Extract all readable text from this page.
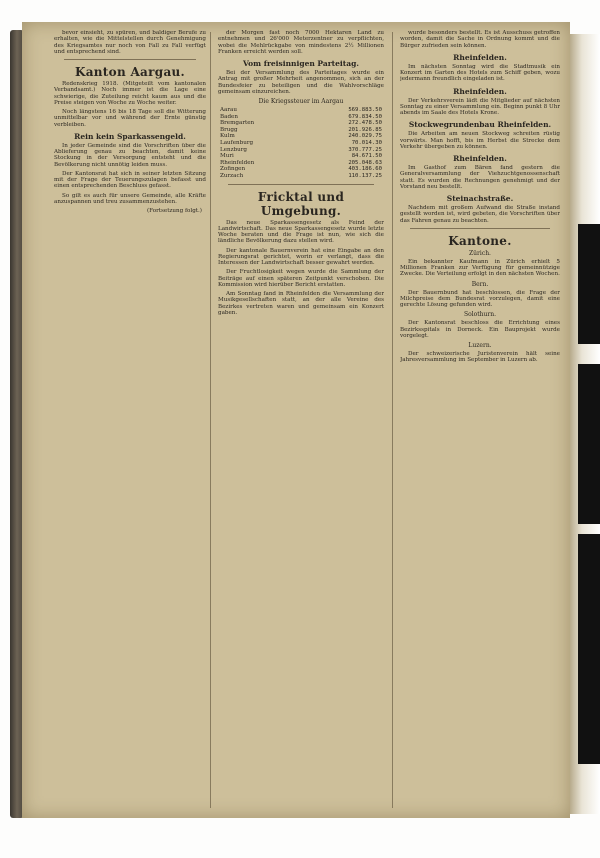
bevor einsieht, zu spüren, und baldiger Berufe zu erhalten, wie die Mittelstellen durch Genehmigung des Kriegsamtes nur noch von Fall zu Fall verfügt und entsprechend sind.

Kanton Aargau.

Redenskrieg 1918. (Mitgeteilt vom kantonalen Verbandsamt.) Noch immer ist die Lage eine schwierige, die Zuteilung reicht kaum aus und die Preise steigen von Woche zu Woche weiter.

Noch längstens 16 bis 18 Tage soll die Witterung unmittelbar vor und während der Ernte günstig verbleiben.

Rein kein Sparkassengeld.

In jeder Gemeinde sind die Vorschriften über die Ablieferung genau zu beachten, damit keine Stockung in der Versorgung entsteht und die Bevölkerung nicht unnötig leiden muss.

Der Kantonsrat hat sich in seiner letzten Sitzung mit der Frage der Teuerungszulagen befasst und einen entsprechenden Beschluss gefasst.

So gilt es auch für unsere Gemeinde, alle Kräfte anzuspannen und treu zusammenzustehen.

(Fortsetzung folgt.)

der Morgen fast noch 7000 Hektaren Land zu entnehmen und 26'000 Meterzentner zu verpflichten, wobei die Mehlrückgabe von mindestens 2½ Millionen Franken erreicht werden soll.

Vom freisinnigen Parteitag.

Bei der Versammlung des Parteitages wurde ein Antrag mit großer Mehrheit angenommen, sich an der Bundesfeier zu beteiligen und die Wahlvorschläge gemeinsam einzureichen.

Die Kriegssteuer im Aargau
Aarau	569.883.50
Baden	679.834.50
Bremgarten	272.478.50
Brugg	201.926.85
Kulm	240.029.75
Laufenburg	70.014.30
Lenzburg	370.777.25
Muri	84.671.50
Rheinfelden	205.048.63
Zofingen	403.186.60
Zurzach	110.137.25
Fricktal und Umgebung.

Das neue Sparkassengesetz als Feind der Landwirtschaft. Das neue Sparkassengesetz wurde letzte Woche beraten und die Frage ist nun, wie sich die ländliche Bevölkerung dazu stellen wird.

Der kantonale Bauernverein hat eine Eingabe an den Regierungsrat gerichtet, worin er verlangt, dass die Interessen der Landwirtschaft besser gewahrt werden.

Der Fruchtlosigkeit wegen wurde die Sammlung der Beiträge auf einen späteren Zeitpunkt verschoben. Die Kommission wird hierüber Bericht erstatten.

Am Sonntag fand in Rheinfelden die Versammlung der Musikgesellschaften statt, an der alle Vereine des Bezirkes vertreten waren und gemeinsam ein Konzert gaben.

wurde besonders bestellt. Es ist Ausschuss getroffen worden, damit die Sache in Ordnung kommt und die Bürger zufrieden sein können.

Rheinfelden.

Im nächsten Sonntag wird die Stadtmusik ein Konzert im Garten des Hotels zum Schiff geben, wozu jedermann freundlich eingeladen ist.

Rheinfelden.

Der Verkehrsverein lädt die Mitglieder auf nächsten Sonntag zu einer Versammlung ein. Beginn punkt 8 Uhr abends im Saale des Hotels Krone.

Stockwegrundenbau Rheinfelden.

Die Arbeiten am neuen Stockweg schreiten rüstig vorwärts. Man hofft, bis im Herbst die Strecke dem Verkehr übergeben zu können.

Rheinfelden.

Im Gasthof zum Bären fand gestern die Generalversammlung der Viehzuchtgenossenschaft statt. Es wurden die Rechnungen genehmigt und der Vorstand neu bestellt.

Steinachstraße.

Nachdem mit großem Aufwand die Straße instand gestellt worden ist, wird gebeten, die Vorschriften über das Fahren genau zu beachten.

Kantone.
Zürich.

Ein bekannter Kaufmann in Zürich erhielt 5 Millionen Franken zur Verfügung für gemeinnützige Zwecke. Die Verteilung erfolgt in den nächsten Wochen.

Bern.

Der Bauernbund hat beschlossen, die Frage der Milchpreise dem Bundesrat vorzulegen, damit eine gerechte Lösung gefunden wird.

Solothurn.

Der Kantonsrat beschloss die Errichtung eines Bezirksspitals in Dorneck. Ein Bauprojekt wurde vorgelegt.

Luzern.

Der schweizerische Juristenverein hält seine Jahresversammlung im September in Luzern ab.
